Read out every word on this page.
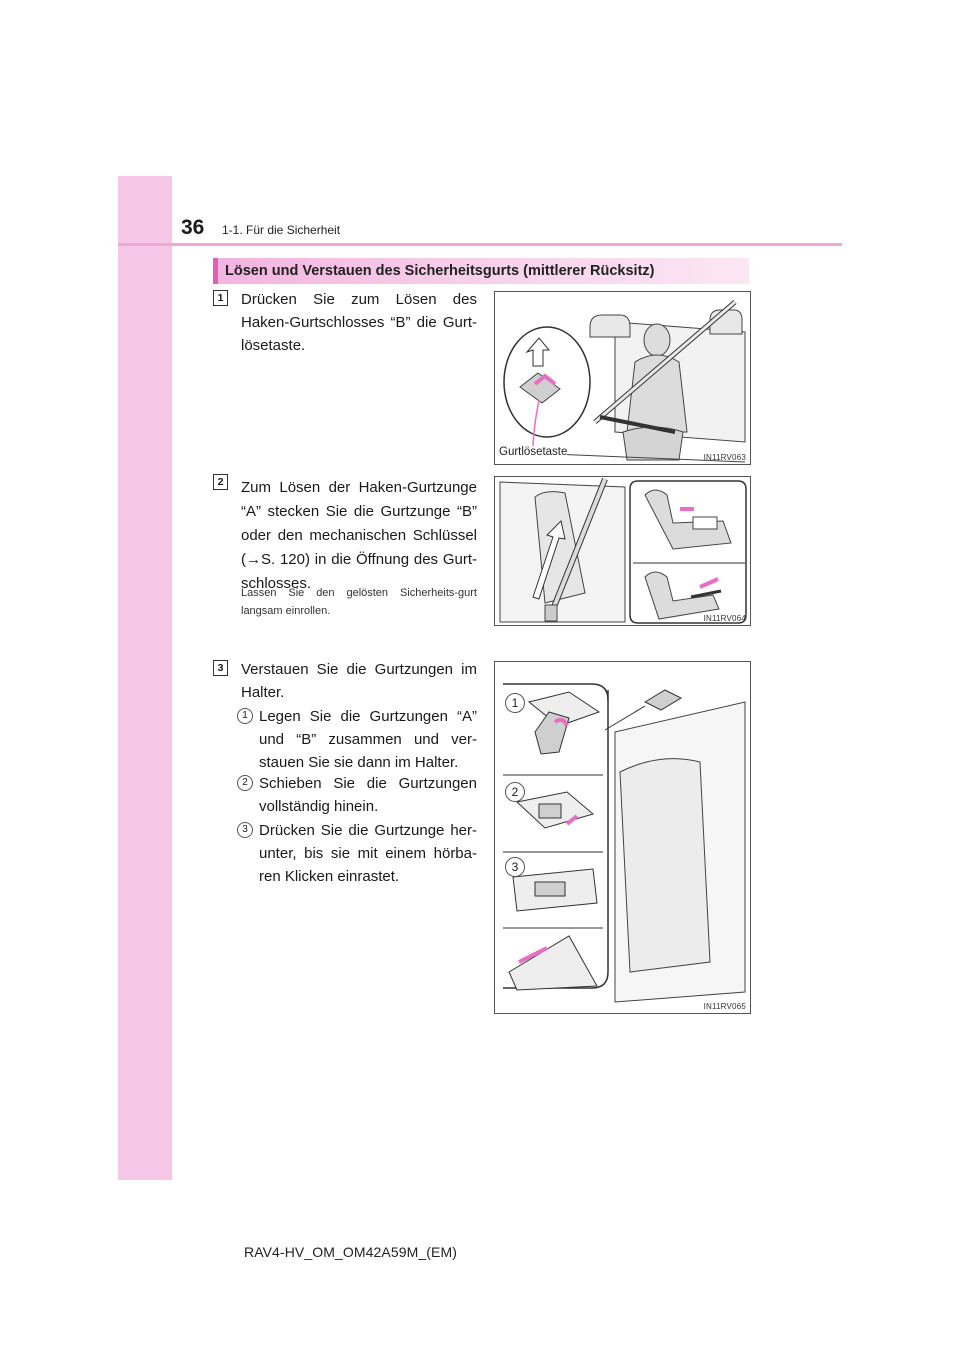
36 1-1. Für die Sicherheit
Lösen und Verstauen des Sicherheitsgurts (mittlerer Rücksitz)
1	Drücken Sie zum Lösen des Haken-Gurtschlosses “B” die Gurt-lösetaste.
2	Zum Lösen der Haken-Gurtzunge “A” stecken Sie die Gurtzunge “B” oder den mechanischen Schlüssel (→S. 120) in die Öffnung des Gurt-schlosses.
Lassen Sie den gelösten Sicherheits-gurt langsam einrollen.
3	Verstauen Sie die Gurtzungen im Halter.
1 Legen Sie die Gurtzungen “A” und “B” zusammen und ver-stauen Sie sie dann im Halter.
2 Schieben Sie die Gurtzungen vollständig hinein.
3 Drücken Sie die Gurtzunge her-unter, bis sie mit einem hörba-ren Klicken einrastet.
Gurtlösetaste	IN11RV063
IN11RV064
1
2
3
IN11RV065
RAV4-HV_OM_OM42A59M_(EM)
